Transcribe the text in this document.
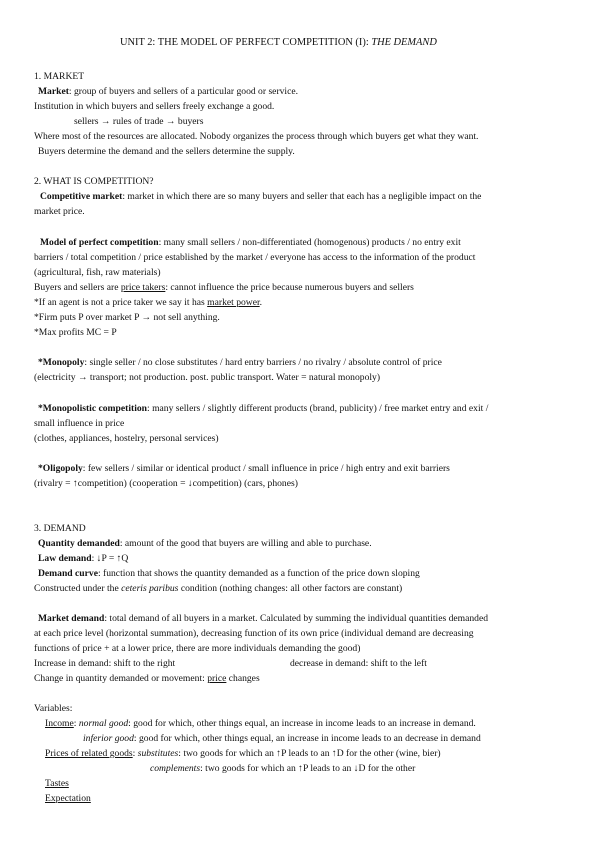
UNIT 2: THE MODEL OF PERFECT COMPETITION (I): THE DEMAND
1. MARKET
Market: group of buyers and sellers of a particular good or service.
Institution in which buyers and sellers freely exchange a good.
sellers → rules of trade → buyers
Where most of the resources are allocated. Nobody organizes the process through which buyers get what they want.
Buyers determine the demand and the sellers determine the supply.
2. WHAT IS COMPETITION?
Competitive market: market in which there are so many buyers and seller that each has a negligible impact on the
market price.
Model of perfect competition: many small sellers / non-differentiated (homogenous) products / no entry exit
barriers / total competition / price established by the market / everyone has access to the information of the product
(agricultural, fish, raw materials)
Buyers and sellers are price takers: cannot influence the price because numerous buyers and sellers
*If an agent is not a price taker we say it has market power.
*Firm puts P over market P → not sell anything.
*Max profits MC = P
*Monopoly: single seller / no close substitutes / hard entry barriers / no rivalry / absolute control of price
(electricity → transport; not production. post. public transport. Water = natural monopoly)
*Monopolistic competition: many sellers / slightly different products (brand, publicity) / free market entry and exit /
small influence in price
(clothes, appliances, hostelry, personal services)
*Oligopoly: few sellers / similar or identical product / small influence in price / high entry and exit barriers
(rivalry = ↑competition) (cooperation = ↓competition) (cars, phones)
3. DEMAND
Quantity demanded: amount of the good that buyers are willing and able to purchase.
Law demand: ↓P = ↑Q
Demand curve: function that shows the quantity demanded as a function of the price down sloping
Constructed under the ceteris paribus condition (nothing changes: all other factors are constant)
Market demand: total demand of all buyers in a market. Calculated by summing the individual quantities demanded
at each price level (horizontal summation), decreasing function of its own price (individual demand are decreasing
functions of price + at a lower price, there are more individuals demanding the good)
Increase in demand: shift to the right	decrease in demand: shift to the left
Change in quantity demanded or movement: price changes
Variables:
Income: normal good: good for which, other things equal, an increase in income leads to an increase in demand.
inferior good: good for which, other things equal, an increase in income leads to an decrease in demand
Prices of related goods: substitutes: two goods for which an ↑P leads to an ↑D for the other (wine, bier)
complements: two goods for which an ↑P leads to an ↓D for the other
Tastes
Expectation
